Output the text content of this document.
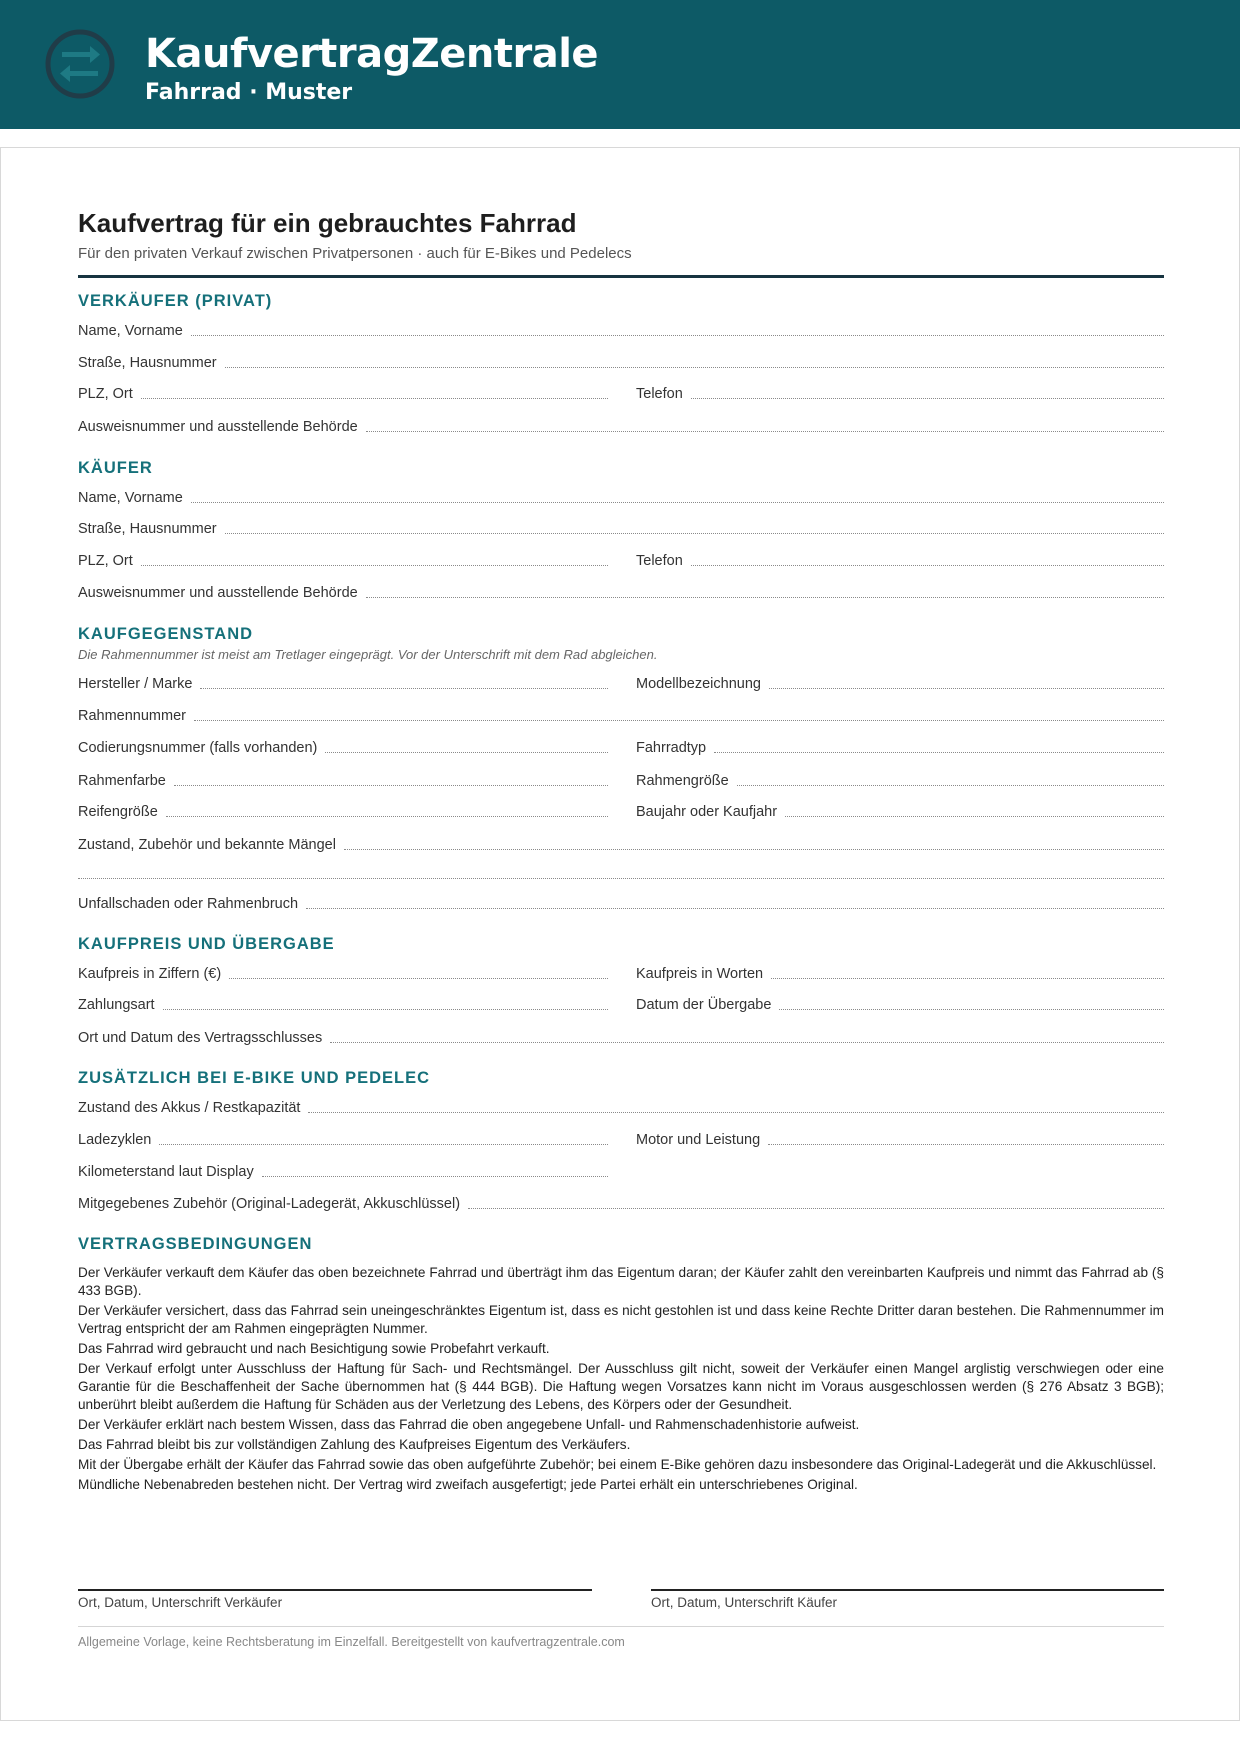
KaufvertragZentrale
Fahrrad · Muster
Kaufvertrag für ein gebrauchtes Fahrrad
Für den privaten Verkauf zwischen Privatpersonen · auch für E-Bikes und Pedelecs
VERKÄUFER (PRIVAT)
Name, Vorname
Straße, Hausnummer
PLZ, Ort	Telefon
Ausweisnummer und ausstellende Behörde
KÄUFER
Name, Vorname
Straße, Hausnummer
PLZ, Ort	Telefon
Ausweisnummer und ausstellende Behörde
KAUFGEGENSTAND
Die Rahmennummer ist meist am Tretlager eingeprägt. Vor der Unterschrift mit dem Rad abgleichen.
Hersteller / Marke	Modellbezeichnung
Rahmennummer
Codierungsnummer (falls vorhanden)	Fahrradtyp
Rahmenfarbe	Rahmengröße
Reifengröße	Baujahr oder Kaufjahr
Zustand, Zubehör und bekannte Mängel
Unfallschaden oder Rahmenbruch
KAUFPREIS UND ÜBERGABE
Kaufpreis in Ziffern (€)	Kaufpreis in Worten
Zahlungsart	Datum der Übergabe
Ort und Datum des Vertragsschlusses
ZUSÄTZLICH BEI E-BIKE UND PEDELEC
Zustand des Akkus / Restkapazität
Ladezyklen	Motor und Leistung
Kilometerstand laut Display
Mitgegebenes Zubehör (Original-Ladegerät, Akkuschlüssel)
VERTRAGSBEDINGUNGEN

Der Verkäufer verkauft dem Käufer das oben bezeichnete Fahrrad und überträgt ihm das Eigentum daran; der Käufer zahlt den vereinbarten Kaufpreis und nimmt das Fahrrad ab (§ 433 BGB).

Der Verkäufer versichert, dass das Fahrrad sein uneingeschränktes Eigentum ist, dass es nicht gestohlen ist und dass keine Rechte Dritter daran bestehen. Die Rahmennummer im Vertrag entspricht der am Rahmen eingeprägten Nummer.

Das Fahrrad wird gebraucht und nach Besichtigung sowie Probefahrt verkauft.

Der Verkauf erfolgt unter Ausschluss der Haftung für Sach- und Rechtsmängel. Der Ausschluss gilt nicht, soweit der Verkäufer einen Mangel arglistig verschwiegen oder eine Garantie für die Beschaffenheit der Sache übernommen hat (§ 444 BGB). Die Haftung wegen Vorsatzes kann nicht im Voraus ausgeschlossen werden (§ 276 Absatz 3 BGB); unberührt bleibt außerdem die Haftung für Schäden aus der Verletzung des Lebens, des Körpers oder der Gesundheit.

Der Verkäufer erklärt nach bestem Wissen, dass das Fahrrad die oben angegebene Unfall- und Rahmenschadenhistorie aufweist.

Das Fahrrad bleibt bis zur vollständigen Zahlung des Kaufpreises Eigentum des Verkäufers.

Mit der Übergabe erhält der Käufer das Fahrrad sowie das oben aufgeführte Zubehör; bei einem E-Bike gehören dazu insbesondere das Original-Ladegerät und die Akkuschlüssel.

Mündliche Nebenabreden bestehen nicht. Der Vertrag wird zweifach ausgefertigt; jede Partei erhält ein unterschriebenes Original.

Ort, Datum, Unterschrift Verkäufer	Ort, Datum, Unterschrift Käufer
Allgemeine Vorlage, keine Rechtsberatung im Einzelfall. Bereitgestellt von kaufvertragzentrale.com
